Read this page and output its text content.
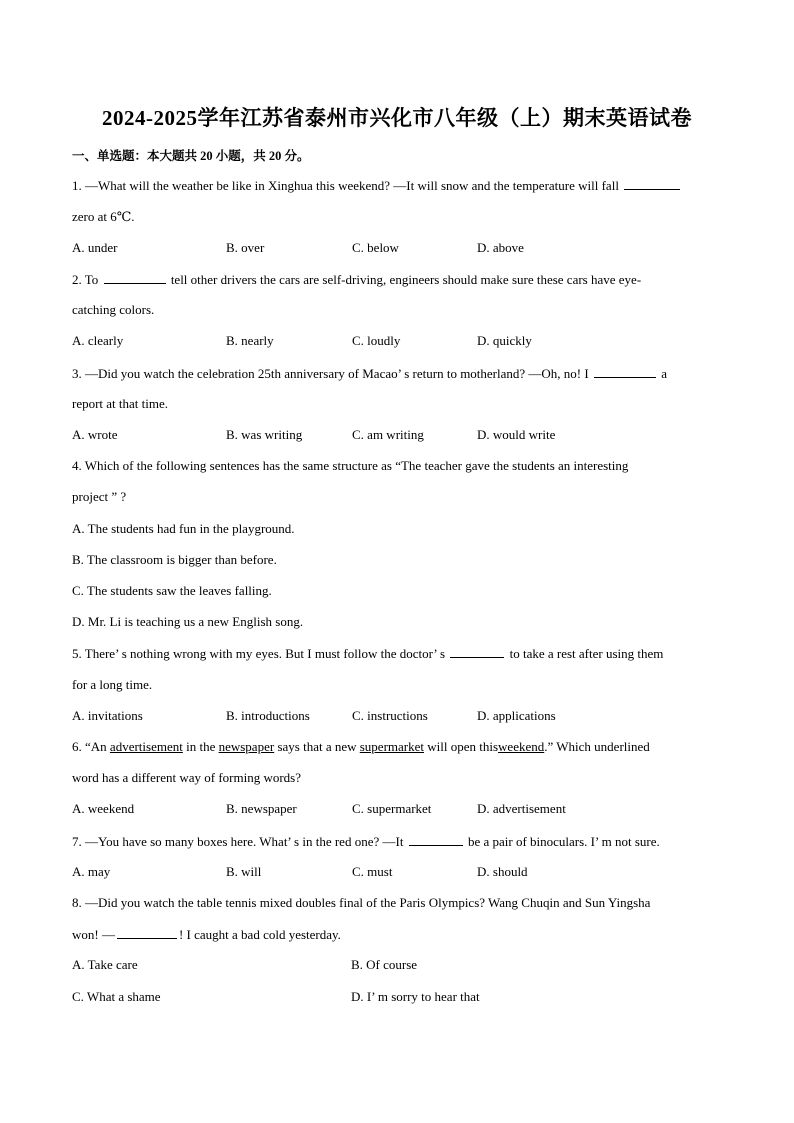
2024-2025学年江苏省泰州市兴化市八年级（上）期末英语试卷
一、单选题：本大题共 20 小题，共 20 分。
1. —What will the weather be like in Xinghua this weekend? —It will snow and the temperature will fall
zero at 6℃.
A. under	B. over	C. below	D. above
2. To	tell other drivers the cars are self-driving, engineers should make sure these cars have eye-
catching colors.
A. clearly	B. nearly	C. loudly	D. quickly
3. —Did you watch the celebration 25th anniversary of Macao’ s return to motherland? —Oh, no! I	a
report at that time.
A. wrote	B. was writing	C. am writing	D. would write
4. Which of the following sentences has the same structure as “The teacher gave the students an interesting
project ” ?
A. The students had fun in the playground.
B. The classroom is bigger than before.
C. The students saw the leaves falling.
D. Mr. Li is teaching us a new English song.
5. There’ s nothing wrong with my eyes. But I must follow the doctor’ s	to take a rest after using them
for a long time.
A. invitations	B. introductions	C. instructions	D. applications
6. “An advertisement in the newspaper says that a new supermarket will open thisweekend.” Which underlined
word has a different way of forming words?
A. weekend	B. newspaper	C. supermarket	D. advertisement
7. —You have so many boxes here. What’ s in the red one? —It	be a pair of binoculars. I’ m not sure.
A. may	B. will	C. must	D. should
8. —Did you watch the table tennis mixed doubles final of the Paris Olympics? Wang Chuqin and Sun Yingsha
won! —	! I caught a bad cold yesterday.
A. Take care	B. Of course
C. What a shame	D. I’ m sorry to hear that
